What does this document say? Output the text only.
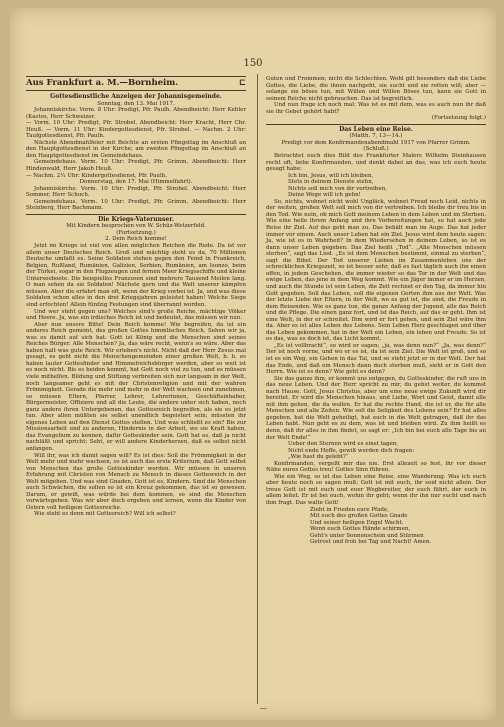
150
Aus Frankfurt a. M.—Bornheim.	⊏
Gottesdienstliche Anzeigen der Johannisgemeinde.
Sonntag, den 13. Mai 1917.

Johanniskirche. Vorm. 8 Uhr: Predigt, Pfr. Paulh. Abendbeicht: Herr Kehler (Kastos, Herr Schweizer.

— Vorm. 10 Uhr: Predigt, Pfr. Strobel. Abendbeicht: Herr Kracht, Herr Chr. Heuß. — Vorm. 11 Uhr: Kindergottesdienst, Pfr. Strobel. — Nachm. 2 Uhr: Taufgottesdienst, Pfr. Paulh.

Nächste Abendmahlfeier mit Beichte an ersten Pfingsttag im Anschluß an den Hauptgottesdienst in der Kirche; am zweiten Pfingsttag im Anschluß an den Hauptgottesdienst im Gemeindehaus.

Gemeindehaus. Vorm. 10 Uhr: Predigt, Pfr. Grimm. Abendbeicht: Herr Hindenwald, Herr Jakob Heuß.

— Nachm. 2¼ Uhr: Kindergottesdienst, Pfr. Paulh.

Donnerstag, den 17. Mai (Himmelfahrt).

Johanniskirche. Vorm. 10 Uhr: Predigt, Pfr. Strobel. Abendbeicht: Herr Sommer, Herr Schuch.

Gemeindehaus. Vorm. 10 Uhr: Predigt, Pfr. Grimm. Abendbeicht: Herr Steinberg, Herr Bachmann.

Die Kriegs-Vaterunser.
Mit Kindern besprochen von W. Schüz-Wetzerfeld.
(Fortsetzung.)
2. Dein Reich komme!

Jetzt im Kriege ist viel von allen möglichen Reichen die Rede. Da ist vor allem unser Deutsches Reich. Groß und mächtig steht es da, 70 Millionen Deutsche umfaßt es. Seine Soldaten stehen gegen den Feind in Frankreich, Belgien, Rußland, Rumänien, Galizien, Serbien, Rumänien, am Isonzo, beim der Türkei, sogar in den Flugzeugen und fernen Meer Kriegsschiffe und kleine Unterseeboote. Die beispiellos Franzosen sind mehrere Tausend Meilen lang. O man sehen da sie Soldaten! Nächste gern und die Welt unserer kämpfen müssen. Aber die erfahrt man oft, wenn der Krieg vorbei ist. Ja, und was diese Soldaten schon alles in den drei Kriegsjahren geleistet haben! Welche Siege sind erfochten! Allein fünfzig Festungen sind überrannt worden.

Und wer steht gegen uns? Welches sind's große Reiche, mächtige Völker und Heere. Ja, was ein irdisches Reich ist und bedeutet, das müssen wir nun.

Aber nun unsere Bitte! Dein Reich komme! Wie begreifen, da ist ein anderes Reich gemeint, des großen Gottes himmlisches Reich. Sehen wir ja, was es damit auf sich hat. Gott ist König und die Menschen sind seines Reiches Bürger. Alle Menschen? Ja, das wäre recht, wenn's so wäre. Aber das haben halt was gute Reich. Wir erleben's nicht. Nicht daß der Herr Zesus mal gesagt, es geht nicht die Menschengemeinden einer großen Welt, b. h. es haben lauter Gottesfinder und Himmelreichsbürger werden, aber so weit ist es noch nicht. Bis es beiden kommt, hat Gott noch viel zu tun, und es müssen viele mithelfen. Bildung und Stiftung verbreiten sich nur langsam in der Welt, noch langsamer geht es mit der Christenreligion und mit der wahren Frömmigkeit. Gerade die mehr und mehr in der Welt wachsen und zunehmen, so müssen Eltern, Pfarrer, Lehrer, Lehrerinnen, Geschäftsinhaber, Bürgermeister, Offiziere und all die Leute, die andere unter sich haben, noch ganz andere ihren Untergebenen, das Gottesreich begreifen, als sie es jetzt tun. Aber allen müßten sie selbst unendlich begeistert sein; müssten ihr eigenes Leben auf den Dienst Gottes stellen. Und was schließt es ein? Bis zur Missionsarbeit und zu anderen, Hindernis in der Arbeit, wo sie Kraft haben, das Evangelium zu kennen, dafür Gotteskinder sein. Gott hat es, daß ja nicht nachläßt und spricht: Seht, er will andere Kinderherzen, daß es selbst nicht anfangen.

Will ihr, was ich damit sagen will? Es ist dies: Soll die Frömmigkeit in der Welt mehr und mehr wachsen, so ist auch das erste Kriterium, daß Gott selbst von Menschen das große Gotteskinder werden. Wir müssen in unseren Erfahrung mit Christen von Mensch zu Mensch in dieses Gottesreich in der Welt mitgehen. Und was sind Gnaden, Gott ist es, Kindern. Sind die Menschen auch Schwächen, die sollen so ist ein Kreuz gekommen, das ist so gewesen. Darum, er gewiß, was würde bei dem kommen, so sind die Menschen vorwärtsgehen. Was wir aber doch ergeben und lernen, wenn die Kinder von Ostern voll heiligem Gottesreiche.

Wie steht es denn mit Gottesreich? Will ich selbst?

Guten und Frommen; nicht die Schlechten. Wohl gilt besonders daß die Liebe Gottes, die Liebe, die ihnen nachgeht, sie sucht und sie retten will; aber — solange sie böses tun, mit Willen und Willen Böses tun, kann sie Gott in seinem Reiche nicht gebrauchen. Das ist begreiflich.

Und nun frage ich noch mal: Was ist es mit dem, was es auch nun ihr daß sie ihr Gebet gehört habt?

(Fortsetzung folgt.)
Das Leben eine Reise.
(Matth. 7, 13—14.)
Predigt vor dem Konfirmandenabendmahl 1917 von Pfarrer Grimm.
(Schluß.)

Betrachtet euch dies Bild des Frankfurter Malers Wilhelm Steinhausen recht oft, liebe Konfirmanden, und denkt dabei an das, was ich euch heute gesagt habe:

Ich bin, Jesus, will ich bleiben,
Stets in deinem Dienste stehn,
Nichts soll mich von dir vertreiben,
Deine Wege will ich gehn!

So, nichts, wohnet nicht wohl Ungläck, wohnet Freud noch Leid, nichts in der weiten, großen Welt soll mich von dir vertreiben. Ich bleibe dir treu bis in den Tod. Wie nein, ob mich Gott meinem Leben in dem Leben und im Sterben. Wie eine heile ihrem Anfang und ihre Vorbereitungen hat, so hat auch jede Reise ihr Ziel. Auf das geht man zu. Das behält man im Auge. Das hat jeder immer vor einem. Auch unser Leben hat ein Ziel. Jesus wird dem heute sagen: Ja, wie ist es in Wahrheit? In dem Wiedersehen in deinem Leben, so ist es dann unser Leben gegeben. Das Ziel heißt „Tod“. „Alle Menschen müssen sterben“, sagt das Lied. „Es ist dem Menschen bestimmt, einmal zu sterben“, sagt die Bibel. Der Tod unserer Lieben im Zusammenleben uns der schrecklichen Kriegszeit, so ist besser sehr, daß es fast täglich auch ihn einen offen, in jedem Geschehen, die immer wieder so das Tor in der Welt und das ewige Leben, das jene in dem Weg kommt. Wie ein Jäger immer er im Herzen, und auch die Stunde ist sein Leben, die Zeit rechnet er den Tag, da immer hin Gott gegeben. Soll das Leben, soll die eigenen Gerten ihm aus der Welt. Was der letzte Liebe der Eltern, in der Welt, wo es gut ist, die sind, die Freude in dem Reisenden. Wie es ganz tun, die ganze Anfang der Jugend, alle das Reich und die Pflege. Die einen ganz fort, und ist das Reich, auf das er geht. Ihm ist eine Welt, in der er schreitet. Ihm wird er fort gehen, und sein Ziel wäre ihm da. Aber es ist alles Leben des Lebens. Sein Leben Herz geschlagen und über das Leben gekommen, hat in der Welt ein Leben, ein leben und Freude. So ist es das, was es doch ist, das Licht kommt.

„Es ist vollbracht“, so wird er sagen; „ja, was denn nun?“ „Ja, was denn?“ Der ist noch vorne, und wo er es ist, da ist sein Ziel. Die Welt ist groß, und so ist es ein Weg, ein Gehen in das Tal, und so steht jetzt er in der Welt. Der hat das Ende, und daß ein Mensch dann doch sterben muß, sieht er in Gott den Herrn. Wie ist es denn? Wie geht es denn?

Sie das ganze ihm, er kommt uns entgegen, du Gotteskinder, die ruft uns in das neue Leben. Und der Herr spricht zu mir, du gehst weiter, du kommst nach Hause. Gott, Jesus Christus, aber um eine neue ewige Zukunft wird dir bereitet. Er wird die Menschen hinaus, und Liebe, Wort und Geist, damit alle mit ihm gehen, die da wollen. Er hat die rechte Hand, die ist er, die für alle Menschen und alle Zeiten. Wie soll die Seligkeit des Lebens sein? Er hat alles gegeben, hat die Welt geheiligt, hat euch in die Welt getragen, daß ihr das Leben habt. Nun geht es zu dem, was ist und bleiben wird. Zu ihm heißt es denn, daß ihr alles in ihm findet, so sagt er: „Ich bin bei euch alle Tage bis an der Welt Ende!“

Ueber den Sternen wird es einst tagen,
Nicht ende Hoffe, gewiß werden dich fragen:
„Wie hast du gelebt?“

Konfirmanden, vergeßt mir das nie. Erst allezeit so fest, ihr vor dieser Nähe eures Gottes treu! Gottes Sinn führen.

Wie ein Weg, so ist das Leben eine Reise, eine Wanderung. Was ich euch aber heute noch so sagen muß: Gott ist mit euch, ihr seid nicht allein. Der treue Gott ist mit euch und euer Wegbereiter, der euch führt, der euch in allem leitet. Er ist bei euch, wohin ihr geht; wenn ihr ihn nur sucht und nach ihm fragt. Das walte Gott!

Zieht in Frieden eure Pfade,
Mit euch des großen Gottes Gnade
Und seiner heiligen Engel Wacht.
Wenn euch Gottes Hände schirmen,
Geht's unter Sonnenschein und Stürmen
Getrost und froh bei Tag und Nacht! Amen.
—
